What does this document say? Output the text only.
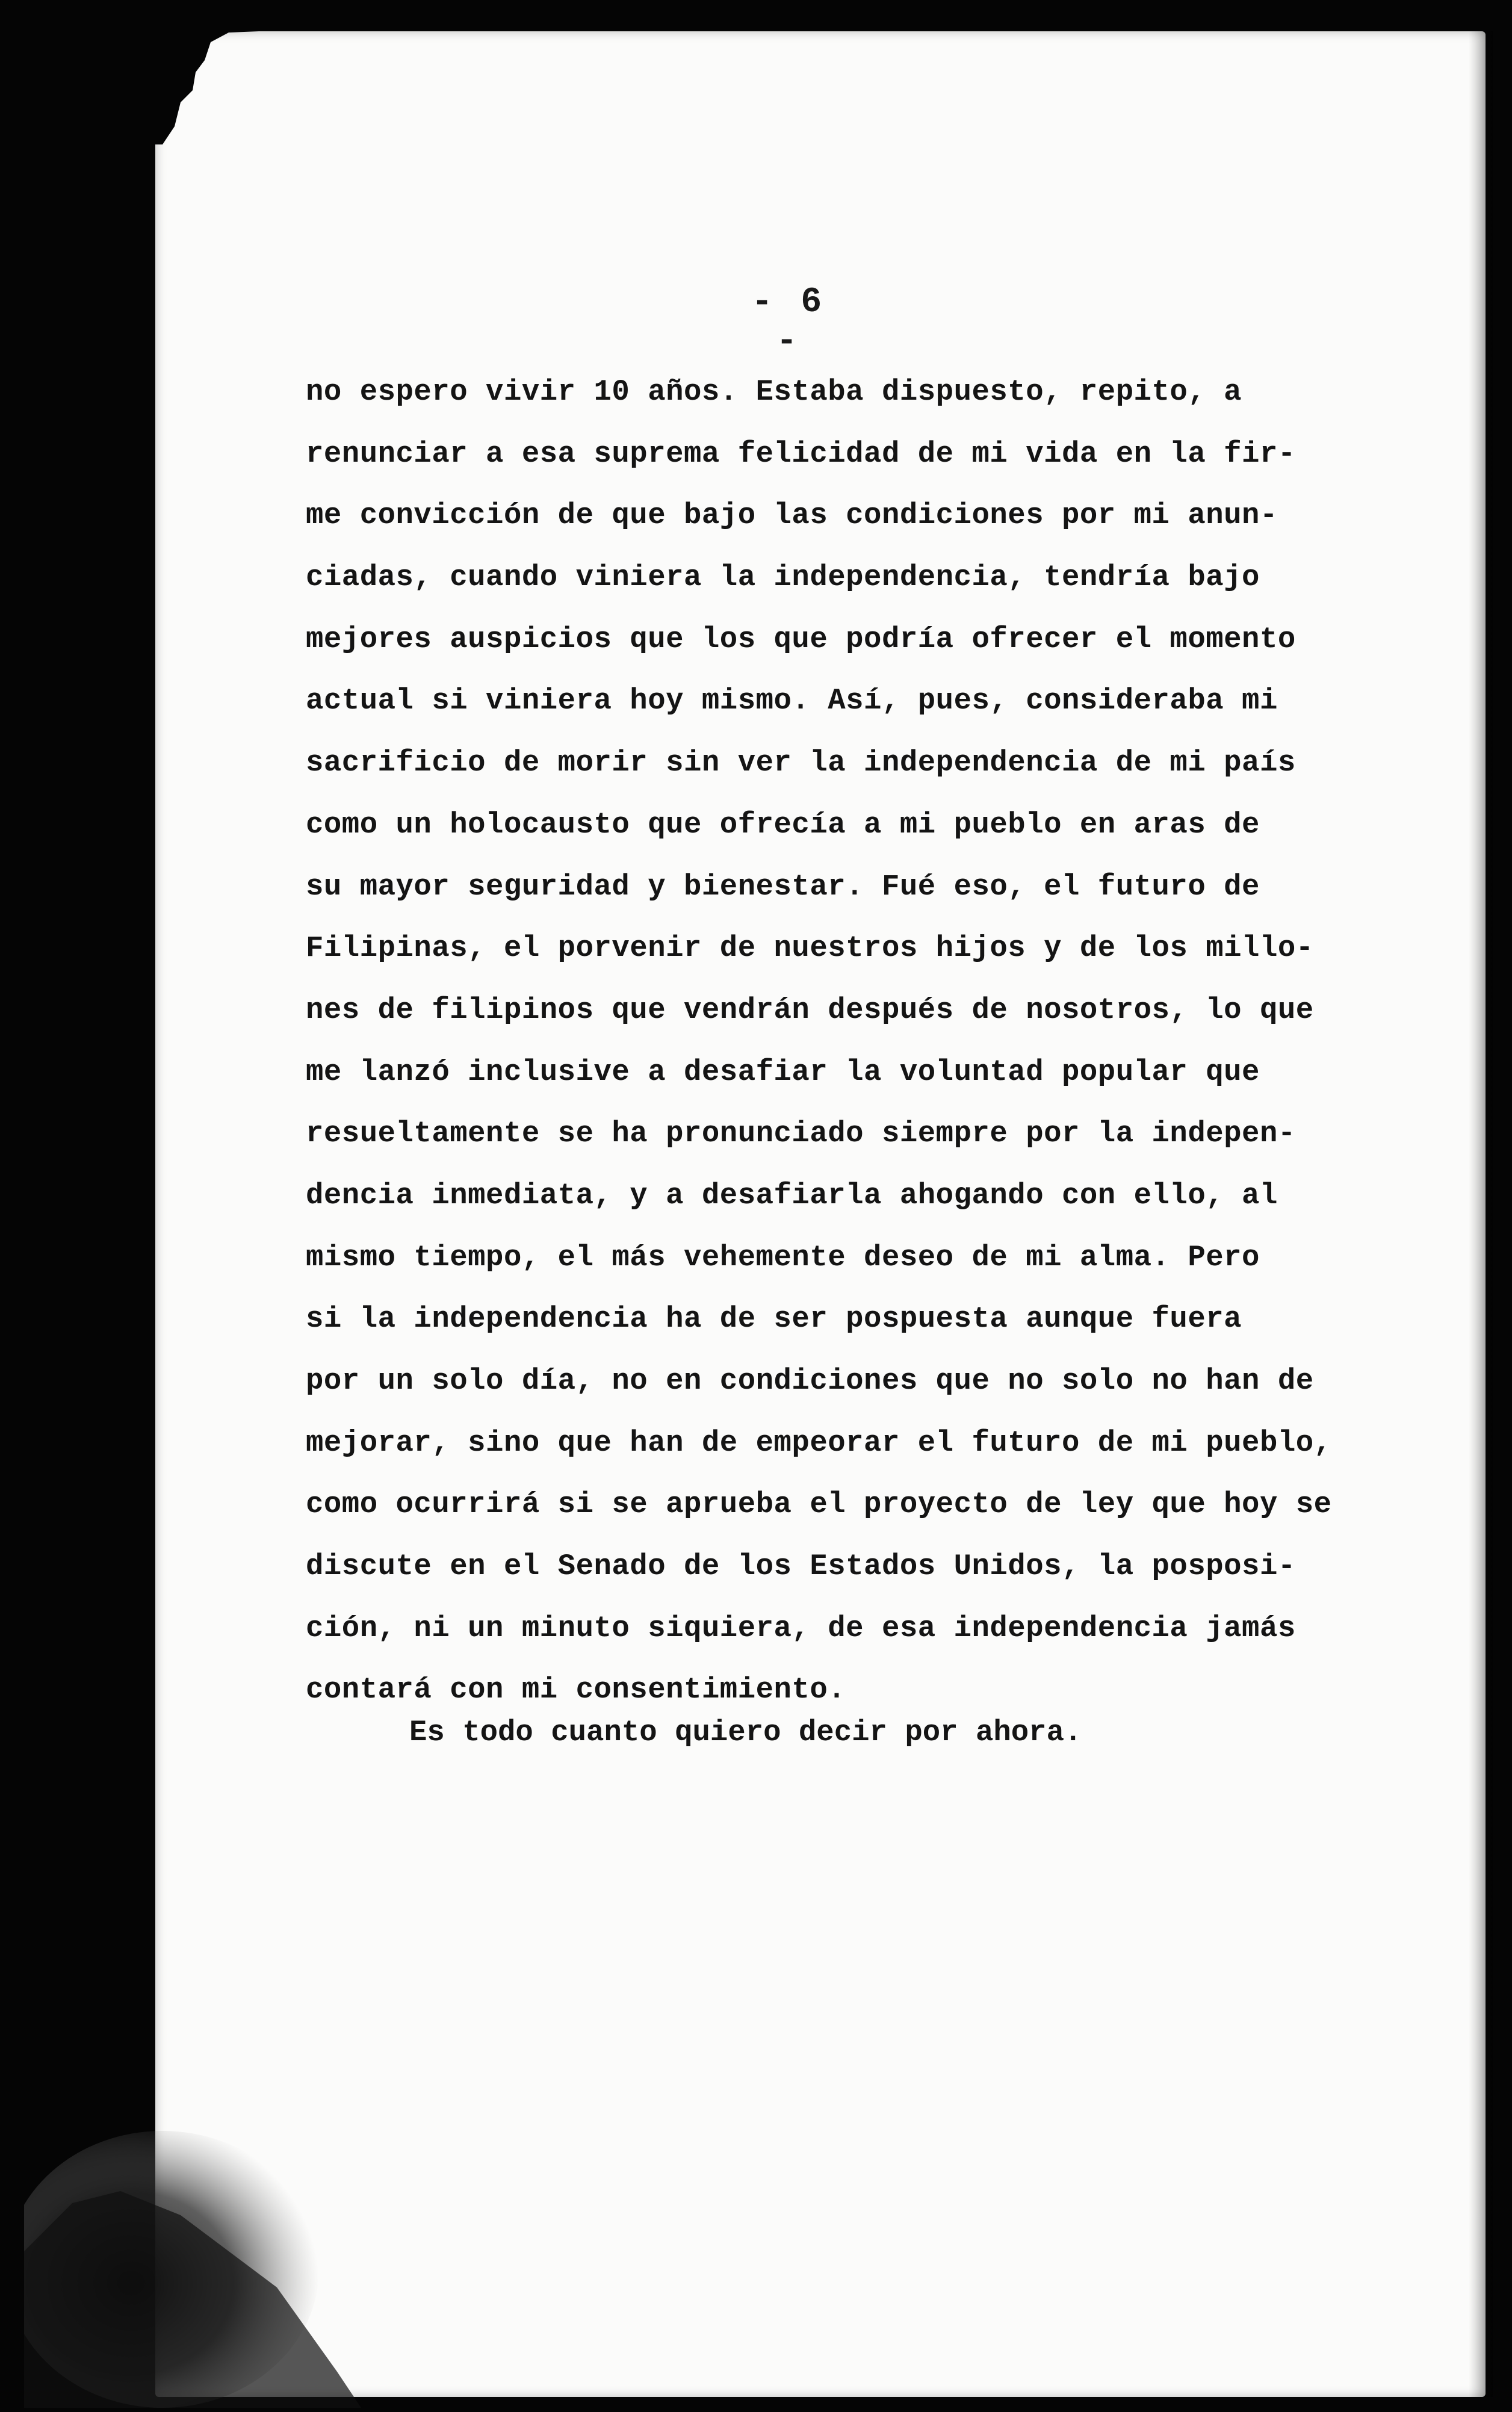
- 6 -
no espero vivir 10 años. Estaba dispuesto, repito, a
renunciar a esa suprema felicidad de mi vida en la fir-
me convicción de que bajo las condiciones por mi anun-
ciadas, cuando viniera la independencia, tendría bajo
mejores auspicios que los que podría ofrecer el momento
actual si viniera hoy mismo. Así, pues, consideraba mi
sacrificio de morir sin ver la independencia de mi país
como un holocausto que ofrecía a mi pueblo en aras de
su mayor seguridad y bienestar. Fué eso, el futuro de
Filipinas, el porvenir de nuestros hijos y de los millo-
nes de filipinos que vendrán después de nosotros, lo que
me lanzó inclusive a desafiar la voluntad popular que
resueltamente se ha pronunciado siempre por la indepen-
dencia inmediata, y a desafiarla ahogando con ello, al
mismo tiempo, el más vehemente deseo de mi alma. Pero
si la independencia ha de ser pospuesta aunque fuera
por un solo día, no en condiciones que no solo no han de
mejorar, sino que han de empeorar el futuro de mi pueblo,
como ocurrirá si se aprueba el proyecto de ley que hoy se
discute en el Senado de los Estados Unidos, la posposi-
ción, ni un minuto siquiera, de esa independencia jamás
contará con mi consentimiento.

Es todo cuanto quiero decir por ahora.
